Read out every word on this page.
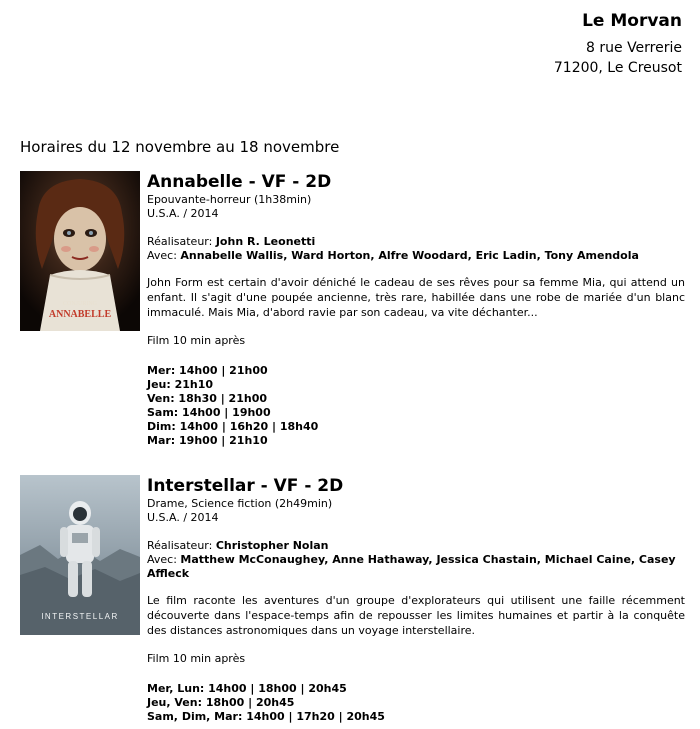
Le Morvan
8 rue Verrerie
71200, Le Creusot
Horaires du 12 novembre au 18 novembre
CONJURING
ANNABELLE
Annabelle - VF - 2D
Epouvante-horreur (1h38min)
U.S.A. / 2014
Réalisateur: John R. Leonetti
Avec: Annabelle Wallis, Ward Horton, Alfre Woodard, Eric Ladin, Tony Amendola
John Form est certain d'avoir déniché le cadeau de ses rêves pour sa femme Mia, qui attend un enfant. Il s'agit d'une poupée ancienne, très rare, habillée dans une robe de mariée d'un blanc immaculé. Mais Mia, d'abord ravie par son cadeau, va vite déchanter...
Film 10 min après
Mer: 14h00 | 21h00
Jeu: 21h10
Ven: 18h30 | 21h00
Sam: 14h00 | 19h00
Dim: 14h00 | 16h20 | 18h40
Mar: 19h00 | 21h10
INTERSTELLAR
Interstellar - VF - 2D
Drame, Science fiction (2h49min)
U.S.A. / 2014
Réalisateur: Christopher Nolan
Avec: Matthew McConaughey, Anne Hathaway, Jessica Chastain, Michael Caine, Casey Affleck
Le film raconte les aventures d'un groupe d'explorateurs qui utilisent une faille récemment découverte dans l'espace-temps afin de repousser les limites humaines et partir à la conquête des distances astronomiques dans un voyage interstellaire.
Film 10 min après
Mer, Lun: 14h00 | 18h00 | 20h45
Jeu, Ven: 18h00 | 20h45
Sam, Dim, Mar: 14h00 | 17h20 | 20h45
